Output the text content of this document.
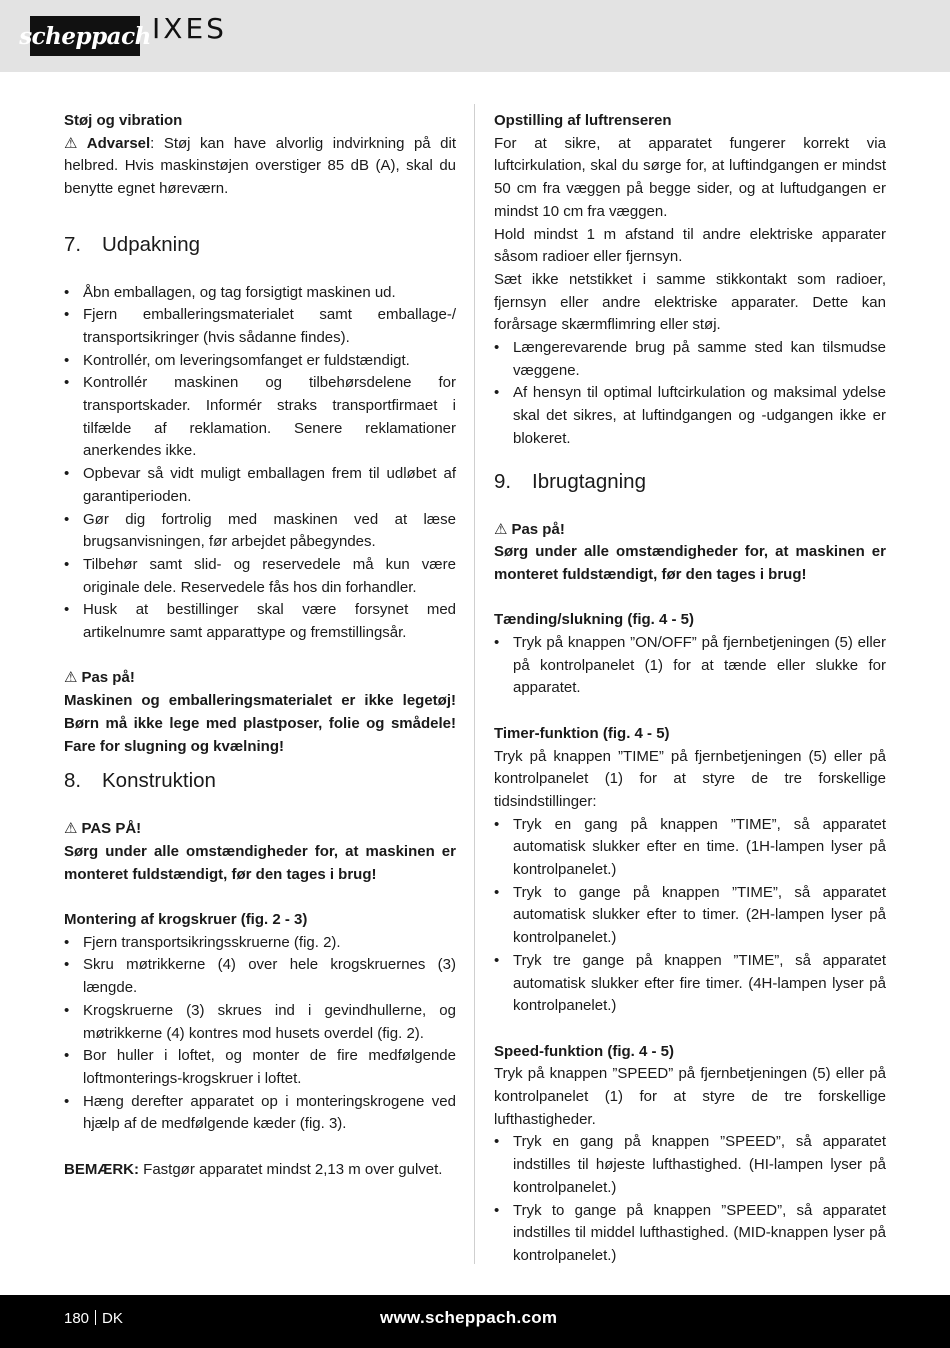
scheppach IXES
Støj og vibration
⚠ Advarsel: Støj kan have alvorlig indvirkning på dit helbred. Hvis maskinstøjen overstiger 85 dB (A), skal du benytte egnet høreværn.
7.	Udpakning
• Åbn emballagen, og tag forsigtigt maskinen ud.
• Fjern emballeringsmaterialet samt emballage-/ transportsikringer (hvis sådanne findes).
• Kontrollér, om leveringsomfanget er fuldstændigt.
• Kontrollér maskinen og tilbehørsdelene for transportskader. Informér straks transportfirmaet i tilfælde af reklamation. Senere reklamationer anerkendes ikke.
• Opbevar så vidt muligt emballagen frem til udløbet af garantiperioden.
• Gør dig fortrolig med maskinen ved at læse brugsanvisningen, før arbejdet påbegyndes.
• Tilbehør samt slid- og reservedele må kun være originale dele. Reservedele fås hos din forhandler.
• Husk at bestillinger skal være forsynet med artikelnumre samt apparattype og fremstillingsår.
⚠ Pas på!
Maskinen og emballeringsmaterialet er ikke legetøj! Børn må ikke lege med plastposer, folie og smådele! Fare for slugning og kvælning!
8.	Konstruktion
⚠ PAS PÅ!
Sørg under alle omstændigheder for, at maskinen er monteret fuldstændigt, før den tages i brug!
Montering af krogskruer (fig. 2 - 3)
• Fjern transportsikringsskruerne (fig. 2).
• Skru møtrikkerne (4) over hele krogskruernes (3) længde.
• Krogskruerne (3) skrues ind i gevindhullerne, og møtrikkerne (4) kontres mod husets overdel (fig. 2).
• Bor huller i loftet, og monter de fire medfølgende loftmonterings-krogskruer i loftet.
• Hæng derefter apparatet op i monteringskrogene ved hjælp af de medfølgende kæder (fig. 3).
BEMÆRK: Fastgør apparatet mindst 2,13 m over gulvet.
Opstilling af luftrenseren
For at sikre, at apparatet fungerer korrekt via luftcirkulation, skal du sørge for, at luftindgangen er mindst 50 cm fra væggen på begge sider, og at luftudgangen er mindst 10 cm fra væggen.
Hold mindst 1 m afstand til andre elektriske apparater såsom radioer eller fjernsyn.
Sæt ikke netstikket i samme stikkontakt som radioer, fjernsyn eller andre elektriske apparater. Dette kan forårsage skærmflimring eller støj.
• Længerevarende brug på samme sted kan tilsmudse væggene.
• Af hensyn til optimal luftcirkulation og maksimal ydelse skal det sikres, at luftindgangen og -udgangen ikke er blokeret.
9.	Ibrugtagning
⚠ Pas på!
Sørg under alle omstændigheder for, at maskinen er monteret fuldstændigt, før den tages i brug!
Tænding/slukning (fig. 4 - 5)
• Tryk på knappen ”ON/OFF” på fjernbetjeningen (5) eller på kontrolpanelet (1) for at tænde eller slukke for apparatet.
Timer-funktion (fig. 4 - 5)
Tryk på knappen ”TIME” på fjernbetjeningen (5) eller på kontrolpanelet (1) for at styre de tre forskellige tidsindstillinger:
• Tryk en gang på knappen ”TIME”, så apparatet automatisk slukker efter en time. (1H-lampen lyser på kontrolpanelet.)
• Tryk to gange på knappen ”TIME”, så apparatet automatisk slukker efter to timer. (2H-lampen lyser på kontrolpanelet.)
• Tryk tre gange på knappen ”TIME”, så apparatet automatisk slukker efter fire timer. (4H-lampen lyser på kontrolpanelet.)
Speed-funktion (fig. 4 - 5)
Tryk på knappen ”SPEED” på fjernbetjeningen (5) eller på kontrolpanelet (1) for at styre de tre forskellige lufthastigheder.
• Tryk en gang på knappen ”SPEED”, så apparatet indstilles til højeste lufthastighed. (HI-lampen lyser på kontrolpanelet.)
• Tryk to gange på knappen ”SPEED”, så apparatet indstilles til middel lufthastighed. (MID-knappen lyser på kontrolpanelet.)
180 DK	www.scheppach.com
